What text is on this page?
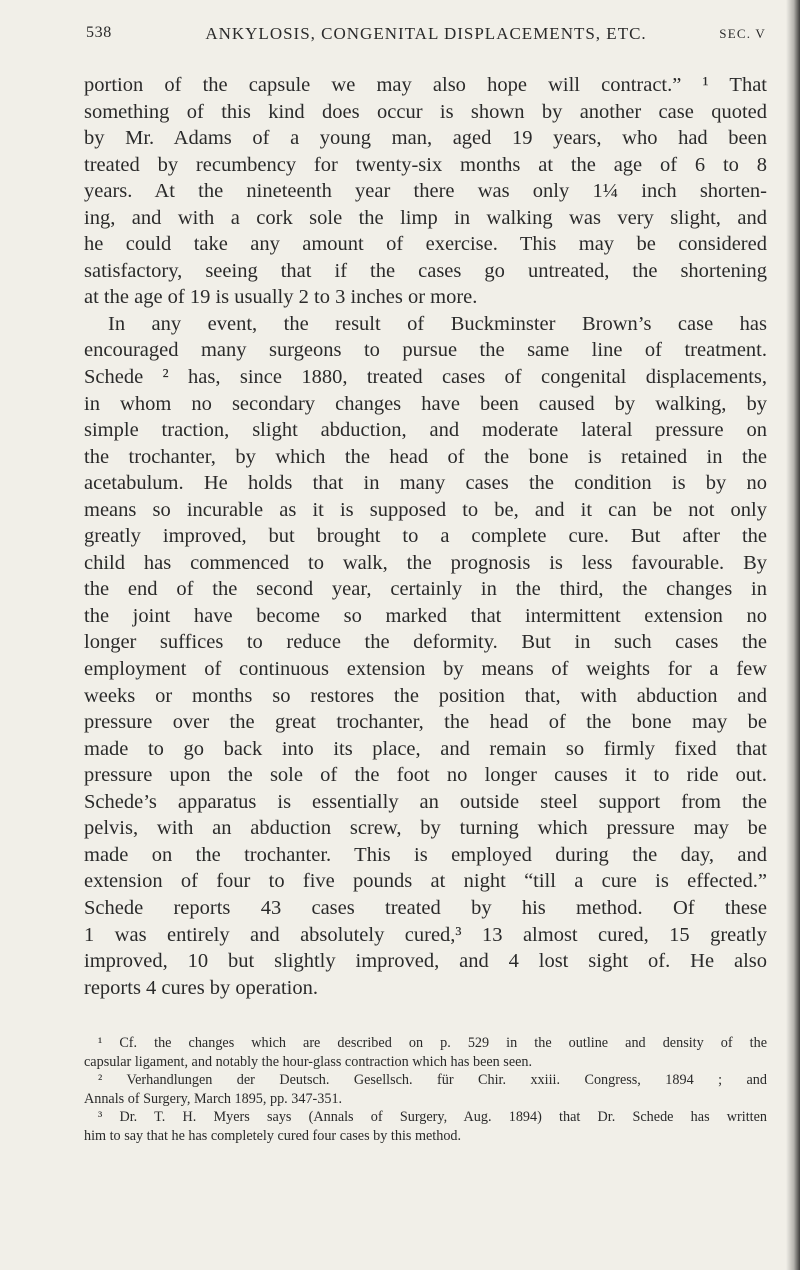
538	ANKYLOSIS, CONGENITAL DISPLACEMENTS, ETC.	SEC. V
portion of the capsule we may also hope will contract.” ¹ That
something of this kind does occur is shown by another case quoted
by Mr. Adams of a young man, aged 19 years, who had been
treated by recumbency for twenty-six months at the age of 6 to 8
years. At the nineteenth year there was only 1¼ inch shorten-
ing, and with a cork sole the limp in walking was very slight, and
he could take any amount of exercise. This may be considered
satisfactory, seeing that if the cases go untreated, the shortening
at the age of 19 is usually 2 to 3 inches or more.
In any event, the result of Buckminster Brown’s case has
encouraged many surgeons to pursue the same line of treatment.
Schede ² has, since 1880, treated cases of congenital displacements,
in whom no secondary changes have been caused by walking, by
simple traction, slight abduction, and moderate lateral pressure on
the trochanter, by which the head of the bone is retained in the
acetabulum. He holds that in many cases the condition is by no
means so incurable as it is supposed to be, and it can be not only
greatly improved, but brought to a complete cure. But after the
child has commenced to walk, the prognosis is less favourable. By
the end of the second year, certainly in the third, the changes in
the joint have become so marked that intermittent extension no
longer suffices to reduce the deformity. But in such cases the
employment of continuous extension by means of weights for a few
weeks or months so restores the position that, with abduction and
pressure over the great trochanter, the head of the bone may be
made to go back into its place, and remain so firmly fixed that
pressure upon the sole of the foot no longer causes it to ride out.
Schede’s apparatus is essentially an outside steel support from the
pelvis, with an abduction screw, by turning which pressure may be
made on the trochanter. This is employed during the day, and
extension of four to five pounds at night “till a cure is effected.”
Schede reports 43 cases treated by his method. Of these
1 was entirely and absolutely cured,³ 13 almost cured, 15 greatly
improved, 10 but slightly improved, and 4 lost sight of. He also
reports 4 cures by operation.
¹ Cf. the changes which are described on p. 529 in the outline and density of the
capsular ligament, and notably the hour-glass contraction which has been seen.
² Verhandlungen der Deutsch. Gesellsch. für Chir. xxiii. Congress, 1894 ; and
Annals of Surgery, March 1895, pp. 347-351.
³ Dr. T. H. Myers says (Annals of Surgery, Aug. 1894) that Dr. Schede has written
him to say that he has completely cured four cases by this method.
